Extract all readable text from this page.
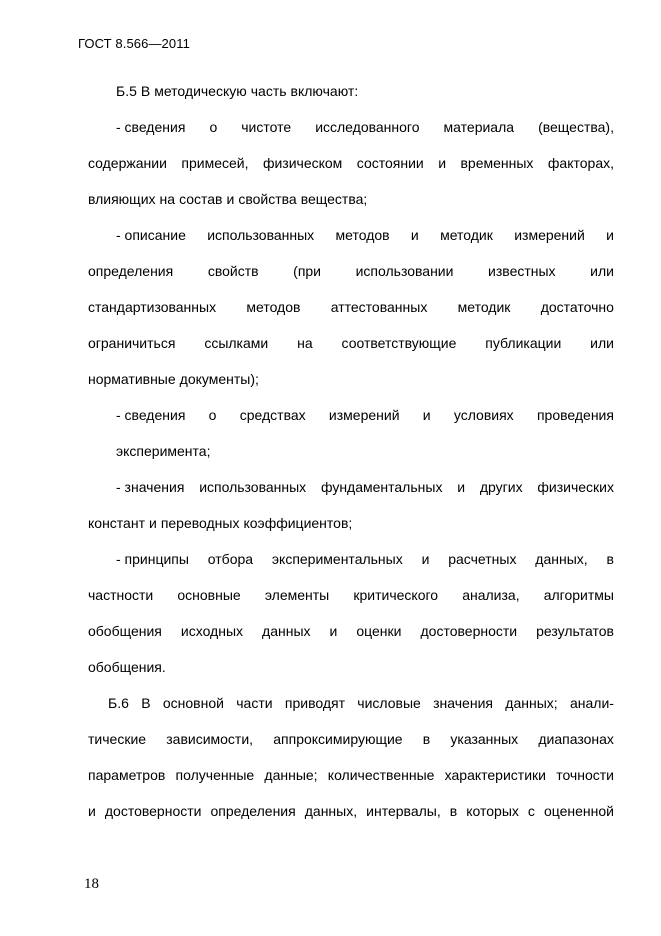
ГОСТ 8.566—2011
Б.5 В методическую часть включают:
- сведения о чистоте исследованного материала (вещества),
содержании примесей, физическом состоянии и временных факторах,
влияющих на состав и свойства вещества;
- описание использованных методов и методик измерений и
определения свойств (при использовании известных или
стандартизованных методов аттестованных методик достаточно
ограничиться ссылками на соответствующие публикации или
нормативные документы);
- сведения о средствах измерений и условиях проведения
эксперимента;
- значения использованных фундаментальных и других физических
констант и переводных коэффициентов;
- принципы отбора экспериментальных и расчетных данных, в
частности основные элементы критического анализа, алгоритмы
обобщения исходных данных и оценки достоверности результатов
обобщения.
Б.6 В основной части приводят числовые значения данных; анали-
тические зависимости, аппроксимирующие в указанных диапазонах
параметров полученные данные; количественные характеристики точности
и достоверности определения данных, интервалы, в которых с оцененной
18
